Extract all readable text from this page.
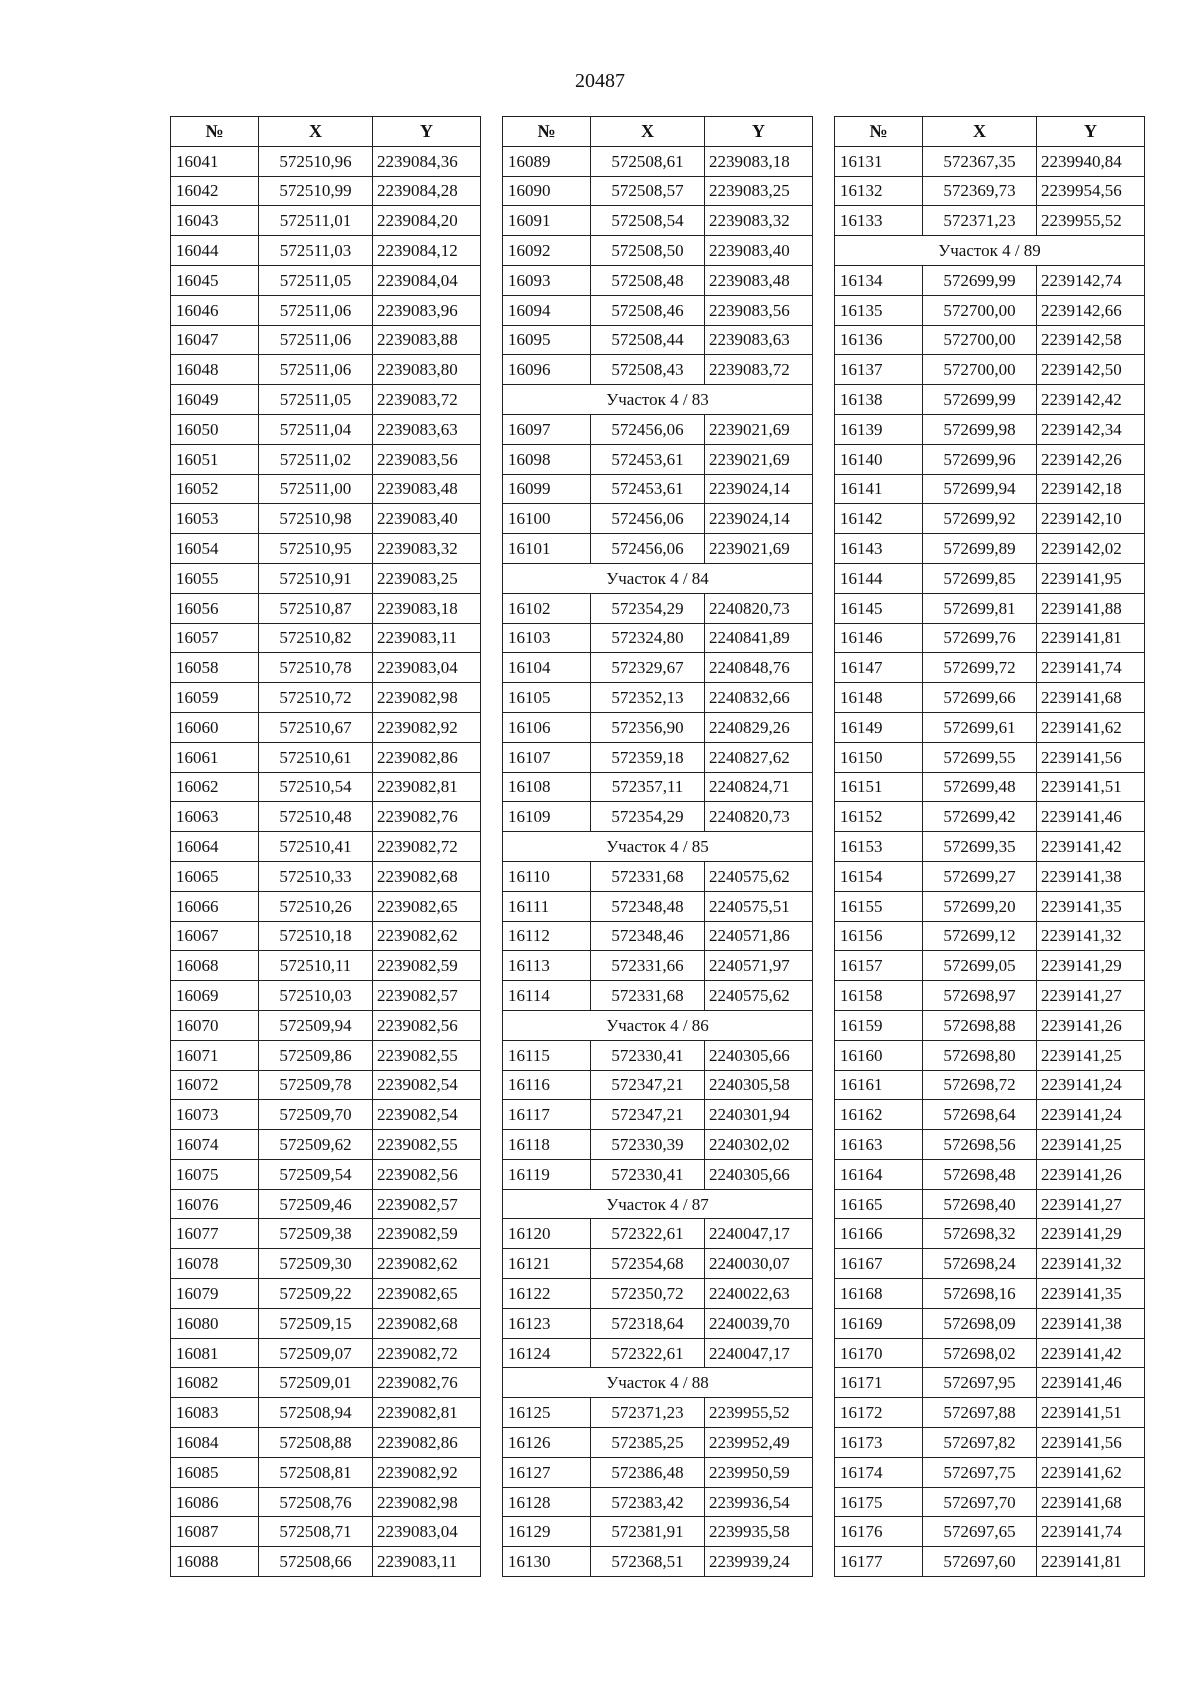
20487
№	X	Y
16041	572510,96	2239084,36
16042	572510,99	2239084,28
16043	572511,01	2239084,20
16044	572511,03	2239084,12
16045	572511,05	2239084,04
16046	572511,06	2239083,96
16047	572511,06	2239083,88
16048	572511,06	2239083,80
16049	572511,05	2239083,72
16050	572511,04	2239083,63
16051	572511,02	2239083,56
16052	572511,00	2239083,48
16053	572510,98	2239083,40
16054	572510,95	2239083,32
16055	572510,91	2239083,25
16056	572510,87	2239083,18
16057	572510,82	2239083,11
16058	572510,78	2239083,04
16059	572510,72	2239082,98
16060	572510,67	2239082,92
16061	572510,61	2239082,86
16062	572510,54	2239082,81
16063	572510,48	2239082,76
16064	572510,41	2239082,72
16065	572510,33	2239082,68
16066	572510,26	2239082,65
16067	572510,18	2239082,62
16068	572510,11	2239082,59
16069	572510,03	2239082,57
16070	572509,94	2239082,56
16071	572509,86	2239082,55
16072	572509,78	2239082,54
16073	572509,70	2239082,54
16074	572509,62	2239082,55
16075	572509,54	2239082,56
16076	572509,46	2239082,57
16077	572509,38	2239082,59
16078	572509,30	2239082,62
16079	572509,22	2239082,65
16080	572509,15	2239082,68
16081	572509,07	2239082,72
16082	572509,01	2239082,76
16083	572508,94	2239082,81
16084	572508,88	2239082,86
16085	572508,81	2239082,92
16086	572508,76	2239082,98
16087	572508,71	2239083,04
16088	572508,66	2239083,11
№	X	Y
16089	572508,61	2239083,18
16090	572508,57	2239083,25
16091	572508,54	2239083,32
16092	572508,50	2239083,40
16093	572508,48	2239083,48
16094	572508,46	2239083,56
16095	572508,44	2239083,63
16096	572508,43	2239083,72
Участок 4 / 83		
16097	572456,06	2239021,69
16098	572453,61	2239021,69
16099	572453,61	2239024,14
16100	572456,06	2239024,14
16101	572456,06	2239021,69
Участок 4 / 84		
16102	572354,29	2240820,73
16103	572324,80	2240841,89
16104	572329,67	2240848,76
16105	572352,13	2240832,66
16106	572356,90	2240829,26
16107	572359,18	2240827,62
16108	572357,11	2240824,71
16109	572354,29	2240820,73
Участок 4 / 85		
16110	572331,68	2240575,62
16111	572348,48	2240575,51
16112	572348,46	2240571,86
16113	572331,66	2240571,97
16114	572331,68	2240575,62
Участок 4 / 86		
16115	572330,41	2240305,66
16116	572347,21	2240305,58
16117	572347,21	2240301,94
16118	572330,39	2240302,02
16119	572330,41	2240305,66
Участок 4 / 87		
16120	572322,61	2240047,17
16121	572354,68	2240030,07
16122	572350,72	2240022,63
16123	572318,64	2240039,70
16124	572322,61	2240047,17
Участок 4 / 88		
16125	572371,23	2239955,52
16126	572385,25	2239952,49
16127	572386,48	2239950,59
16128	572383,42	2239936,54
16129	572381,91	2239935,58
16130	572368,51	2239939,24
№	X	Y
16131	572367,35	2239940,84
16132	572369,73	2239954,56
16133	572371,23	2239955,52
Участок 4 / 89		
16134	572699,99	2239142,74
16135	572700,00	2239142,66
16136	572700,00	2239142,58
16137	572700,00	2239142,50
16138	572699,99	2239142,42
16139	572699,98	2239142,34
16140	572699,96	2239142,26
16141	572699,94	2239142,18
16142	572699,92	2239142,10
16143	572699,89	2239142,02
16144	572699,85	2239141,95
16145	572699,81	2239141,88
16146	572699,76	2239141,81
16147	572699,72	2239141,74
16148	572699,66	2239141,68
16149	572699,61	2239141,62
16150	572699,55	2239141,56
16151	572699,48	2239141,51
16152	572699,42	2239141,46
16153	572699,35	2239141,42
16154	572699,27	2239141,38
16155	572699,20	2239141,35
16156	572699,12	2239141,32
16157	572699,05	2239141,29
16158	572698,97	2239141,27
16159	572698,88	2239141,26
16160	572698,80	2239141,25
16161	572698,72	2239141,24
16162	572698,64	2239141,24
16163	572698,56	2239141,25
16164	572698,48	2239141,26
16165	572698,40	2239141,27
16166	572698,32	2239141,29
16167	572698,24	2239141,32
16168	572698,16	2239141,35
16169	572698,09	2239141,38
16170	572698,02	2239141,42
16171	572697,95	2239141,46
16172	572697,88	2239141,51
16173	572697,82	2239141,56
16174	572697,75	2239141,62
16175	572697,70	2239141,68
16176	572697,65	2239141,74
16177	572697,60	2239141,81
